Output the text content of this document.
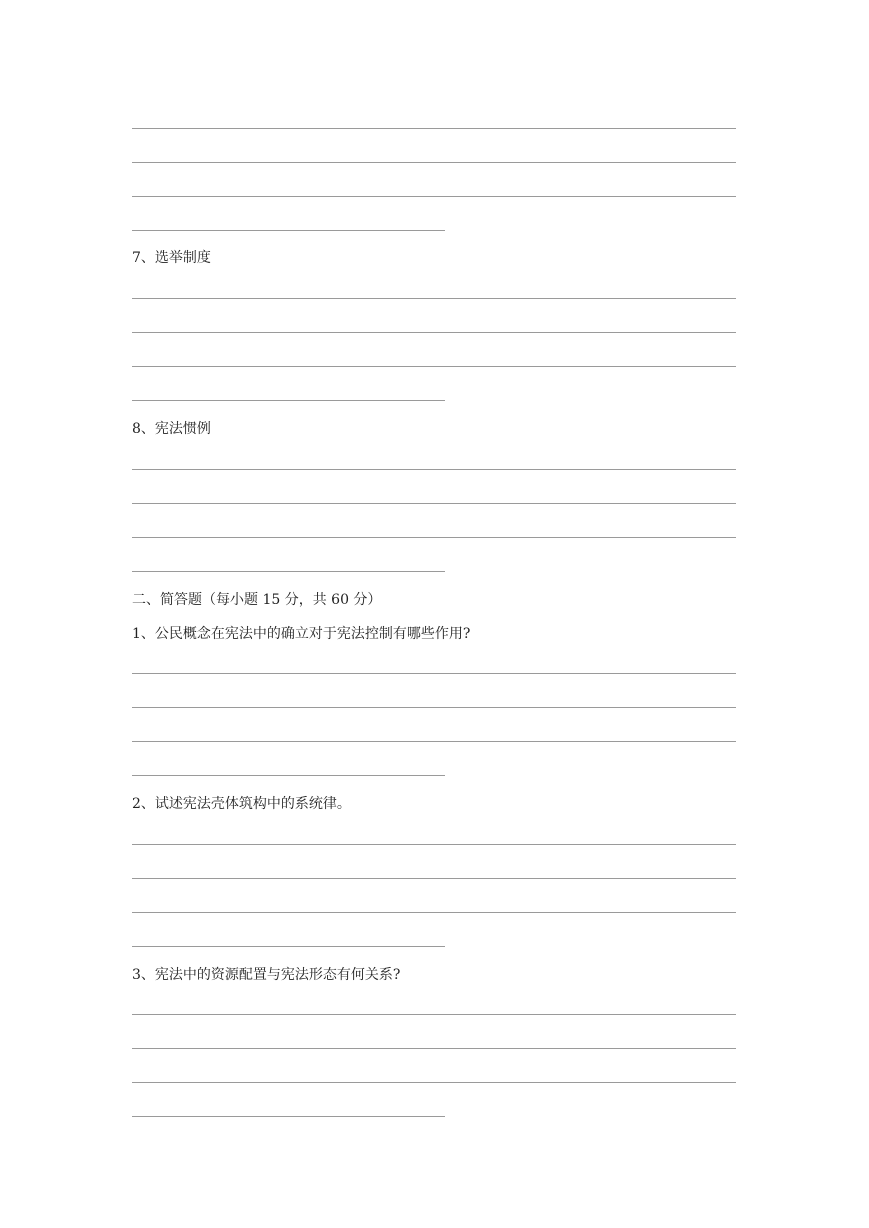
7、选举制度
8、宪法惯例
二、简答题（每小题 15 分，共 60 分）
1、公民概念在宪法中的确立对于宪法控制有哪些作用?
2、试述宪法壳体筑构中的系统律。
3、宪法中的资源配置与宪法形态有何关系?
